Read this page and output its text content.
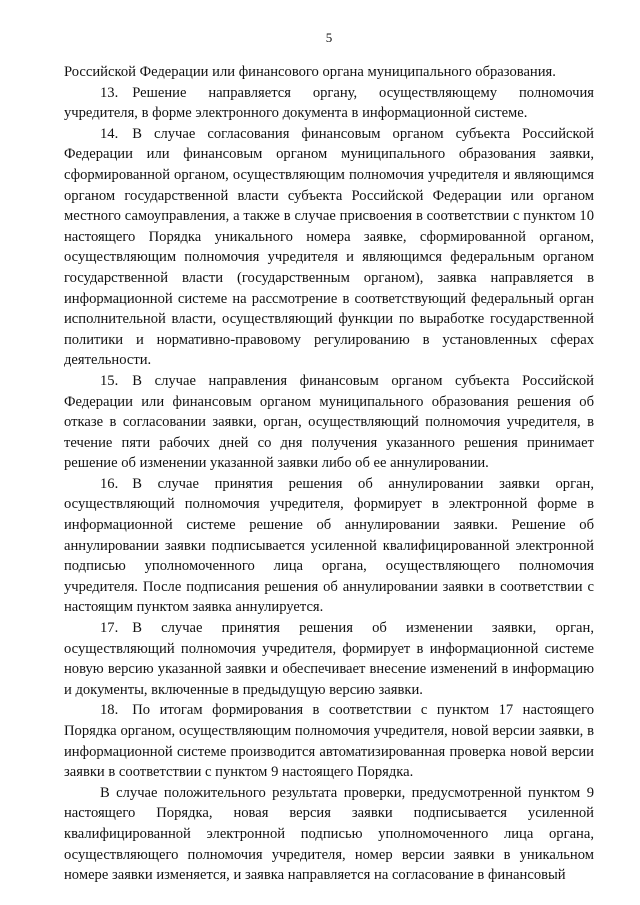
5

Российской Федерации или финансового органа муниципального образования.

13. Решение направляется органу, осуществляющему полномочия учредителя, в форме электронного документа в информационной системе.

14. В случае согласования финансовым органом субъекта Российской Федерации или финансовым органом муниципального образования заявки, сформированной органом, осуществляющим полномочия учредителя и являющимся органом государственной власти субъекта Российской Федерации или органом местного самоуправления, а также в случае присвоения в соответствии с пунктом 10 настоящего Порядка уникального номера заявке, сформированной органом, осуществляющим полномочия учредителя и являющимся федеральным органом государственной власти (государственным органом), заявка направляется в информационной системе на рассмотрение в соответствующий федеральный орган исполнительной власти, осуществляющий функции по выработке государственной политики и нормативно-правовому регулированию в установленных сферах деятельности.

15. В случае направления финансовым органом субъекта Российской Федерации или финансовым органом муниципального образования решения об отказе в согласовании заявки, орган, осуществляющий полномочия учредителя, в течение пяти рабочих дней со дня получения указанного решения принимает решение об изменении указанной заявки либо об ее аннулировании.

16. В случае принятия решения об аннулировании заявки орган, осуществляющий полномочия учредителя, формирует в электронной форме в информационной системе решение об аннулировании заявки. Решение об аннулировании заявки подписывается усиленной квалифицированной электронной подписью уполномоченного лица органа, осуществляющего полномочия учредителя. После подписания решения об аннулировании заявки в соответствии с настоящим пунктом заявка аннулируется.

17. В случае принятия решения об изменении заявки, орган, осуществляющий полномочия учредителя, формирует в информационной системе новую версию указанной заявки и обеспечивает внесение изменений в информацию и документы, включенные в предыдущую версию заявки.

18. По итогам формирования в соответствии с пунктом 17 настоящего Порядка органом, осуществляющим полномочия учредителя, новой версии заявки, в информационной системе производится автоматизированная проверка новой версии заявки в соответствии с пунктом 9 настоящего Порядка.

В случае положительного результата проверки, предусмотренной пунктом 9 настоящего Порядка, новая версия заявки подписывается усиленной квалифицированной электронной подписью уполномоченного лица органа, осуществляющего полномочия учредителя, номер версии заявки в уникальном номере заявки изменяется, и заявка направляется на согласование в финансовый
